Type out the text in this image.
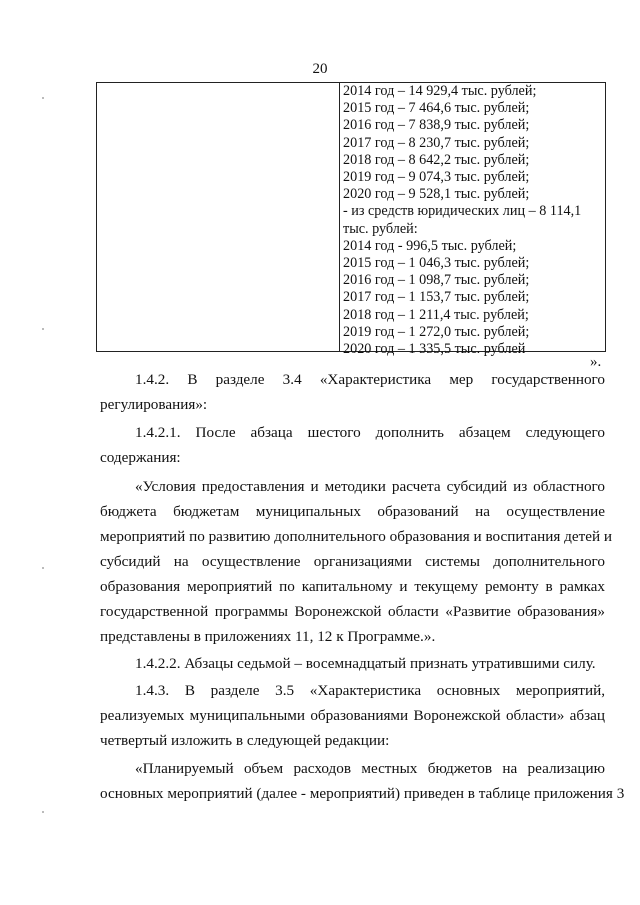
20
2014 год – 14 929,4 тыс. рублей;
2015 год – 7 464,6 тыс. рублей;
2016 год – 7 838,9 тыс. рублей;
2017 год – 8 230,7 тыс. рублей;
2018 год – 8 642,2 тыс. рублей;
2019 год – 9 074,3 тыс. рублей;
2020 год – 9 528,1 тыс. рублей;
- из средств юридических лиц – 8 114,1
тыс. рублей:
2014 год - 996,5 тыс. рублей;
2015 год – 1 046,3 тыс. рублей;
2016 год – 1 098,7 тыс. рублей;
2017 год – 1 153,7 тыс. рублей;
2018 год – 1 211,4 тыс. рублей;
2019 год – 1 272,0 тыс. рублей;
2020 год – 1 335,5 тыс. рублей
».

1.4.2. В разделе 3.4 «Характеристика мер государственного
регулирования»:

1.4.2.1. После абзаца шестого дополнить абзацем следующего
содержания:

«Условия предоставления и методики расчета субсидий из областного
бюджета бюджетам муниципальных образований на осуществление
мероприятий по развитию дополнительного образования и воспитания детей и
субсидий на осуществление организациями системы дополнительного
образования мероприятий по капитальному и текущему ремонту в рамках
государственной программы Воронежской области «Развитие образования»
представлены в приложениях 11, 12 к Программе.».

1.4.2.2. Абзацы седьмой – восемнадцатый признать утратившими силу.

1.4.3. В разделе 3.5 «Характеристика основных мероприятий,
реализуемых муниципальными образованиями Воронежской области» абзац
четвертый изложить в следующей редакции:

«Планируемый объем расходов местных бюджетов на реализацию
основных мероприятий (далее - мероприятий) приведен в таблице приложения 3
